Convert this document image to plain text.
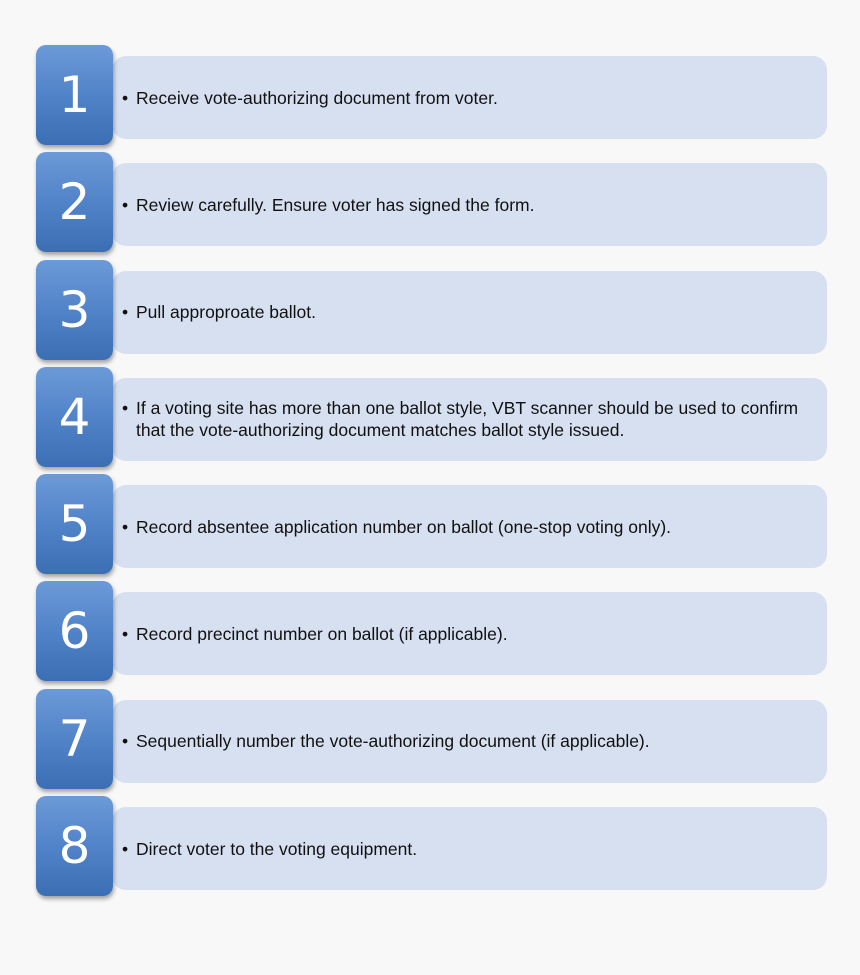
• Receive vote-authorizing document from voter.
1
• Review carefully. Ensure voter has signed the form.
2
• Pull approproate ballot.
3
• If a voting site has more than one ballot style, VBT scanner should be used to confirm that the vote-authorizing document matches ballot style issued.
4
• Record absentee application number on ballot (one-stop voting only).
5
• Record precinct number on ballot (if applicable).
6
• Sequentially number the vote-authorizing document (if applicable).
7
• Direct voter to the voting equipment.
8
